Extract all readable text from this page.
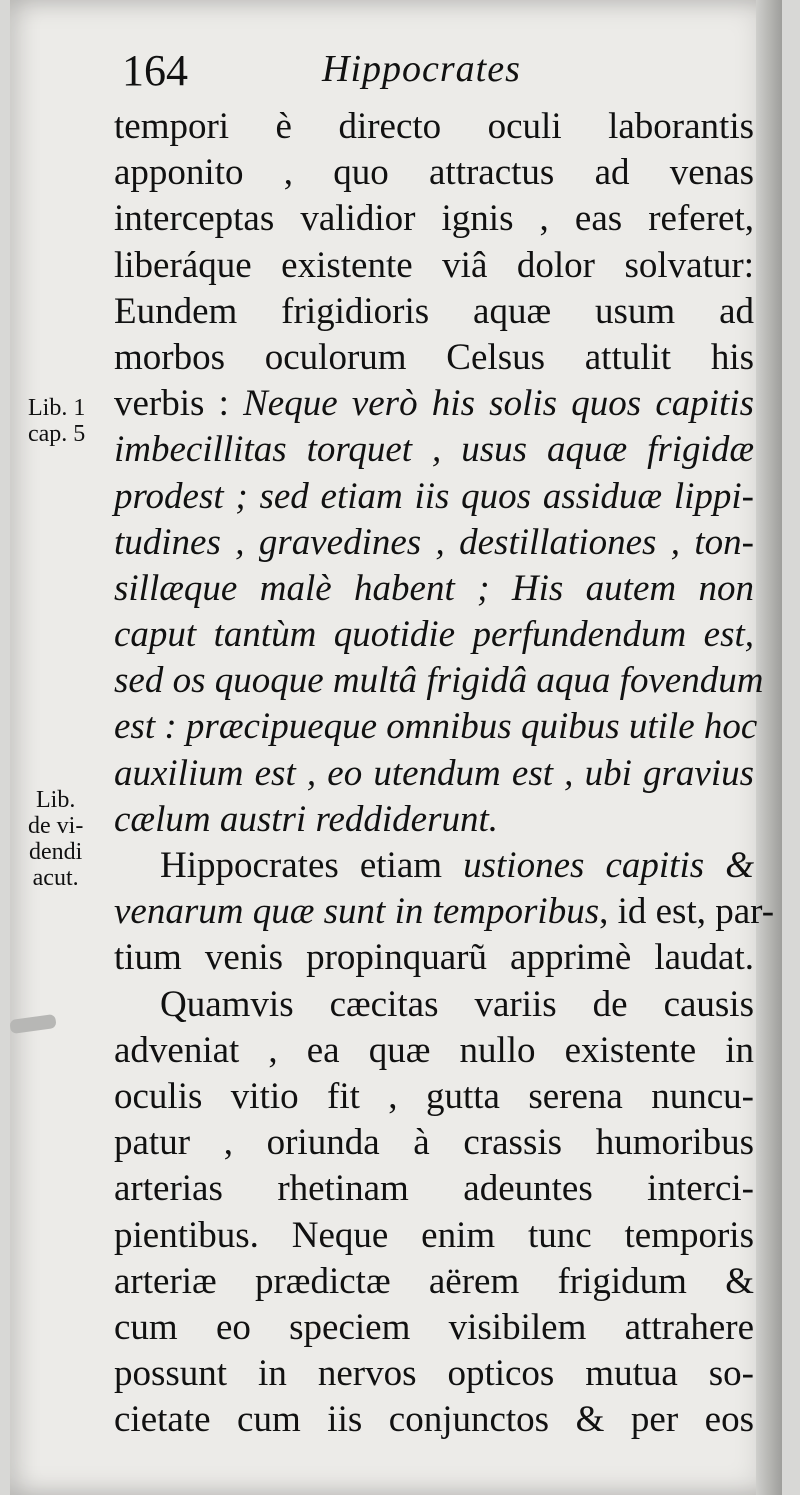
164	Hippocrates
Lib. 1
cap. 5
Lib.
de vi-
dendi
acut.
tempori è directo oculi laborantis
apponito , quo attractus ad venas
interceptas validior ignis , eas referet,
liberáque existente viâ dolor solvatur:
Eundem frigidioris aquæ usum ad
morbos oculorum Celsus attulit his
verbis : Neque verò his solis quos capitis
imbecillitas torquet , usus aquæ frigidæ
prodest ; sed etiam iis quos assiduæ lippi-
tudines , gravedines , destillationes , ton-
sillæque malè habent ; His autem non
caput tantùm quotidie perfundendum est,
sed os quoque multâ frigidâ aqua fovendum
est : præcipueque omnibus quibus utile hoc
auxilium est , eo utendum est , ubi gravius
cælum austri reddiderunt.
Hippocrates etiam ustiones capitis &
venarum quæ sunt in temporibus, id est, par-
tium venis propinquarũ apprimè laudat.
Quamvis cæcitas variis de causis
adveniat , ea quæ nullo existente in
oculis vitio fit , gutta serena nuncu-
patur , oriunda à crassis humoribus
arterias rhetinam adeuntes interci-
pientibus. Neque enim tunc temporis
arteriæ prædictæ aërem frigidum &
cum eo speciem visibilem attrahere
possunt in nervos opticos mutua so-
cietate cum iis conjunctos & per eos
